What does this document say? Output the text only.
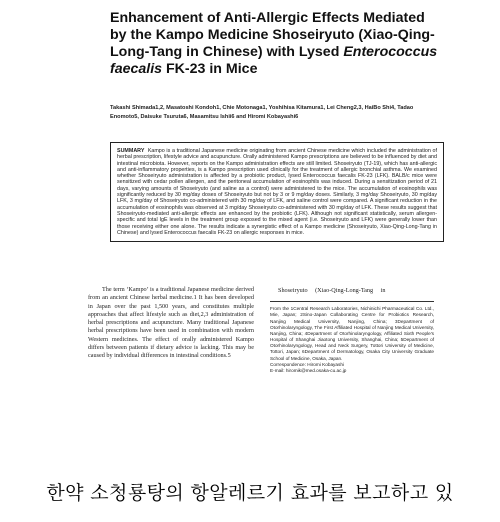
Enhancement of Anti-Allergic Effects Mediated by the Kampo Medicine Shoseiryuto (Xiao-Qing-Long-Tang in Chinese) with Lysed Enterococcus faecalis FK-23 in Mice
Takashi Shimada1,2, Masatoshi Kondoh1, Chie Motonaga1, Yoshihisa Kitamura1, Lei Cheng2,3, HaiBo Shi4, Tadao Enomoto5, Daisuke Tsuruta6, Masamitsu Ishii6 and Hiromi Kobayashi6
SUMMARY Kampo is a traditional Japanese medicine originating from ancient Chinese medicine which included the administration of herbal prescription, lifestyle advice and acupuncture. Orally administered Kampo prescriptions are believed to be influenced by diet and intestinal microbiota. However, reports on the Kampo administration effects are still limited. Shoseiryuto (TJ-19), which has anti-allergic and anti-inflammatory properties, is a Kampo prescription used clinically for the treatment of allergic bronchial asthma. We examined whether Shoseiryuto administration is affected by a probiotic product, lysed Enterococcus faecalis FK-23 (LFK). BALB/c mice were sensitized with cedar pollen allergen, and the peritoneal accumulation of eosinophils was induced. During a sensitization period of 21 days, varying amounts of Shoseiryuto (and saline as a control) were administered to the mice. The accumulation of eosinophils was significantly reduced by 30 mg/day doses of Shoseiryuto but not by 3 or 9 mg/day doses. Similarly, 3 mg/day Shoseiryuto, 30 mg/day LFK, 3 mg/day of Shoseiryuto co-administered with 30 mg/day of LFK, and saline control were compared. A significant reduction in the accumulation of eosinophils was observed at 3 mg/day Shoseiryuto co-administered with 30 mg/day of LFK. These results suggest that Shoseiryuto-mediated anti-allergic effects are enhanced by the probiotic (LFK). Although not significant statistically, serum allergen-specific and total IgE levels in the treatment group exposed to the mixed agent (i.e. Shoseiryuto and LFK) were generally lower than those receiving either one alone. The results indicate a synergistic effect of a Kampo medicine (Shoseiryuto, Xiao-Qing-Long-Tang in Chinese) and lysed Enterococcus faecalis FK-23 on allergic responses in mice.
The term ‘Kampo’ is a traditional Japanese medicine derived from an ancient Chinese herbal medicine.1 It has been developed in Japan over the past 1,500 years, and constitutes multiple approaches that affect lifestyle such as diet,2,3 administration of herbal prescriptions and acupuncture. Many traditional Japanese herbal prescriptions have been used in combination with modern Western medicines. The effect of orally administered Kampo differs between patients if dietary advice is lacking. This may be caused by individual differences in intestinal conditions.5
Shoseiryuto (Xiao-Qing-Long-Tang in
From the 1Central Research Laboratories, Nichinichi Pharmaceutical Co. Ltd., Mie, Japan; 2Sino-Japan Collaborating Centre for Probiotics Research, Nanjing Medical University, Nanjing, China; 3Department of Otorhinolaryngology, The First Affiliated Hospital of Nanjing Medical University, Nanjing, China; 4Department of Otorhinolaryngology, Affiliated Sixth People's Hospital of Shanghai Jiaotong University, Shanghai, China; 5Department of Otorhinolaryngology, Head and Neck Surgery, Tottori University of Medicine, Tottori, Japan; 6Department of Dermatology, Osaka City University Graduate School of Medicine, Osaka, Japan.
Correspondence: Hiromi Kobayashi
E-mail: hiromik@med.osaka-cu.ac.jp
한약 소청룡탕의 항알레르기 효과를 보고하고 있
